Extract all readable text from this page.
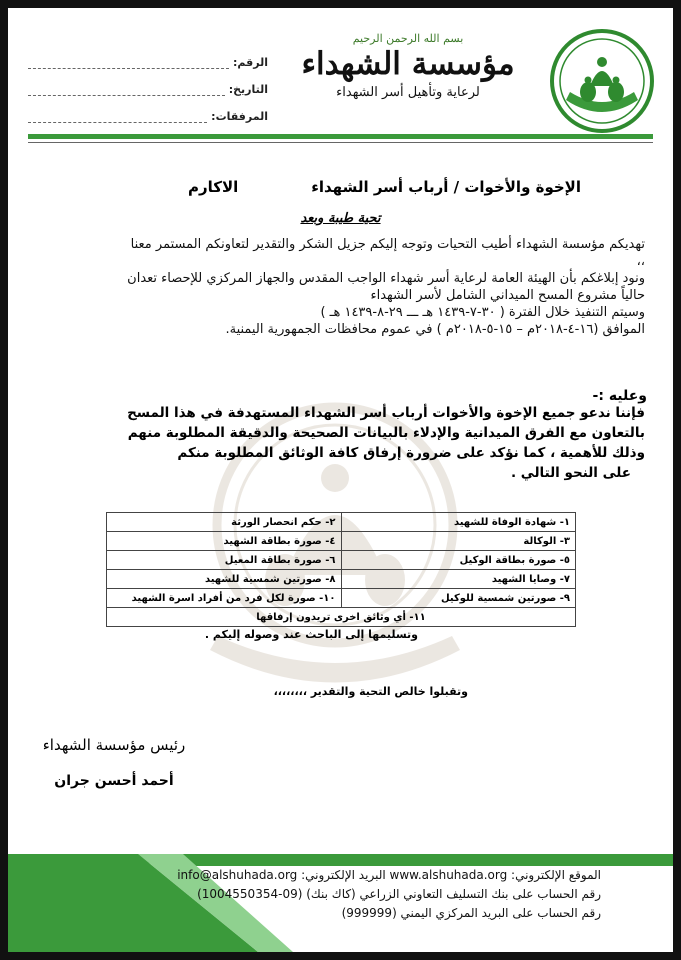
بسم الله الرحمن الرحيم
مؤسسة الشهداء
لرعاية وتأهيل أسر الشهداء
الرقم:
التاريخ:
المرفقات:
الإخوة والأخوات / أرباب أسر الشهداء
الاكارم
تحية طيبة وبعد

تهديكم مؤسسة الشهداء أطيب التحيات وتوجه إليكم جزيل الشكر والتقدير لتعاونكم المستمر معنا ،،

ونود إبلاغكم بأن الهيئة العامة لرعاية أسر شهداء الواجب المقدس والجهاز المركزي للإحصاء تعدان حالياً مشروع المسح الميداني الشامل لأسر الشهداء

وسيتم التنفيذ خلال الفترة ( ٣٠-٧-١٤٣٩ هـ ـــ ٢٩-٨-١٤٣٩ هـ )

الموافق (١٦-٤-٢٠١٨م – ١٥-٥-٢٠١٨م ) في عموم محافظات الجمهورية اليمنية.

وعليه :-

فإننا ندعو جميع الإخوة والأخوات أرباب أسر الشهداء المستهدفة في هذا المسح

بالتعاون مع الفرق الميدانية والإدلاء بالبيانات الصحيحة والدقيقة المطلوبة منهم

وذلك للأهمية ، كما نؤكد على ضرورة إرفاق كافة الوثائق المطلوبة منكم

على النحو التالي .

١- شهادة الوفاة للشهيد	٢- حكم انحصار الورثة
٣- الوكالة	٤- صورة بطاقة الشهيد
٥- صورة بطاقة الوكيل	٦- صورة بطاقة المعيل
٧- وصايا الشهيد	٨- صورتين شمسية للشهيد
٩- صورتين شمسية للوكيل	١٠- صورة لكل فرد من أفراد اسرة الشهيد
١١- أي وثائق اخرى تريدون إرفاقها	
وتسليمها إلى الباحث عند وصوله إليكم .
وتقبلوا خالص التحية والتقدير ،،،،،،،،
رئيس مؤسسة الشهداء
أحمد أحسن جران

الموقع الإلكتروني: www.alshuhada.org البريد الإلكتروني: info@alshuhada.org

رقم الحساب على بنك التسليف التعاوني الزراعي (كاك بنك) (09-1004550354)

رقم الحساب على البريد المركزي اليمني (999999)
